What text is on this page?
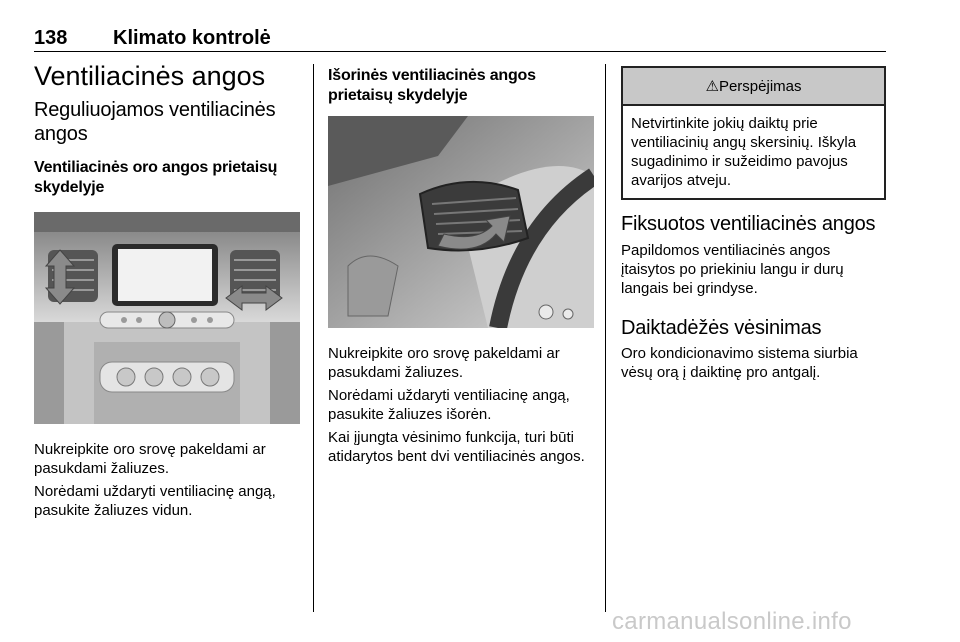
138 Klimato kontrolė
Ventiliacinės angos
Reguliuojamos ventiliacinės angos
Ventiliacinės oro angos prietaisų skydelyje

Nukreipkite oro srovę pakeldami ar pasukdami žaliuzes.

Norėdami uždaryti ventiliacinę angą, pasukite žaliuzes vidun.

Išorinės ventiliacinės angos prietaisų skydelyje

Nukreipkite oro srovę pakeldami ar pasukdami žaliuzes.

Norėdami uždaryti ventiliacinę angą, pasukite žaliuzes išorėn.

Kai įjungta vėsinimo funkcija, turi būti atidarytos bent dvi ventiliacinės angos.

⚠ Perspėjimas
Netvirtinkite jokių daiktų prie ventiliacinių angų skersinių. Iškyla sugadinimo ir sužeidimo pavojus avarijos atveju.
Fiksuotos ventiliacinės angos

Papildomos ventiliacinės angos įtaisytos po priekiniu langu ir durų langais bei grindyse.

Daiktadėžės vėsinimas

Oro kondicionavimo sistema siurbia vėsų orą į daiktinę pro antgalį.

carmanualsonline.info
